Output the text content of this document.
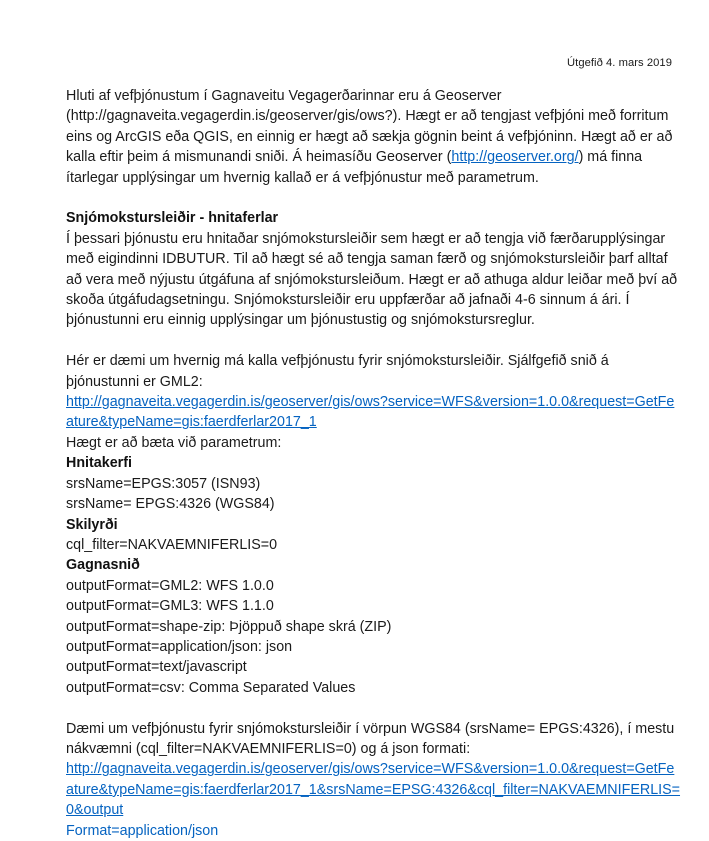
Útgefið 4. mars 2019

Hluti af vefþjónustum í Gagnaveitu Vegagerðarinnar eru á Geoserver (http://gagnaveita.vegagerdin.is/geoserver/gis/ows?). Hægt er að tengjast vefþjóni með forritum eins og ArcGIS eða QGIS, en einnig er hægt að sækja gögnin beint á vefþjóninn. Hægt að er að kalla eftir þeim á mismunandi sniði. Á heimasíðu Geoserver (http://geoserver.org/) má finna ítarlegar upplýsingar um hvernig kallað er á vefþjónustur með parametrum.

Snjómokstursleiðir - hnitaferlar

Í þessari þjónustu eru hnitaðar snjómokstursleiðir sem hægt er að tengja við færðarupplýsingar með eigindinni IDBUTUR. Til að hægt sé að tengja saman færð og snjómokstursleiðir þarf alltaf að vera með nýjustu útgáfuna af snjómokstursleiðum. Hægt er að athuga aldur leiðar með því að skoða útgáfudagsetningu. Snjómokstursleiðir eru uppfærðar að jafnaði 4-6 sinnum á ári. Í þjónustunni eru einnig upplýsingar um þjónustustig og snjómokstursreglur.

Hér er dæmi um hvernig má kalla vefþjónustu fyrir snjómokstursleiðir. Sjálfgefið snið á þjónustunni er GML2:

http://gagnaveita.vegagerdin.is/geoserver/gis/ows?service=WFS&version=1.0.0&request=GetFeature&typeName=gis:faerdferlar2017_1

Hægt er að bæta við parametrum:

Hnitakerfi

srsName=EPGS:3057 (ISN93)
srsName= EPGS:4326 (WGS84)

Skilyrði

cql_filter=NAKVAEMNIFERLIS=0

Gagnasnið

outputFormat=GML2: WFS 1.0.0
outputFormat=GML3: WFS 1.1.0
outputFormat=shape-zip: Þjöppuð shape skrá (ZIP)
outputFormat=application/json: json
outputFormat=text/javascript
outputFormat=csv: Comma Separated Values

Dæmi um vefþjónustu fyrir snjómokstursleiðir í vörpun WGS84 (srsName= EPGS:4326), í mestu nákvæmni (cql_filter=NAKVAEMNIFERLIS=0) og á json formati:

http://gagnaveita.vegagerdin.is/geoserver/gis/ows?service=WFS&version=1.0.0&request=GetFeature&typeName=gis:faerdferlar2017_1&srsName=EPSG:4326&cql_filter=NAKVAEMNIFERLIS=0&output
Format=application/json
